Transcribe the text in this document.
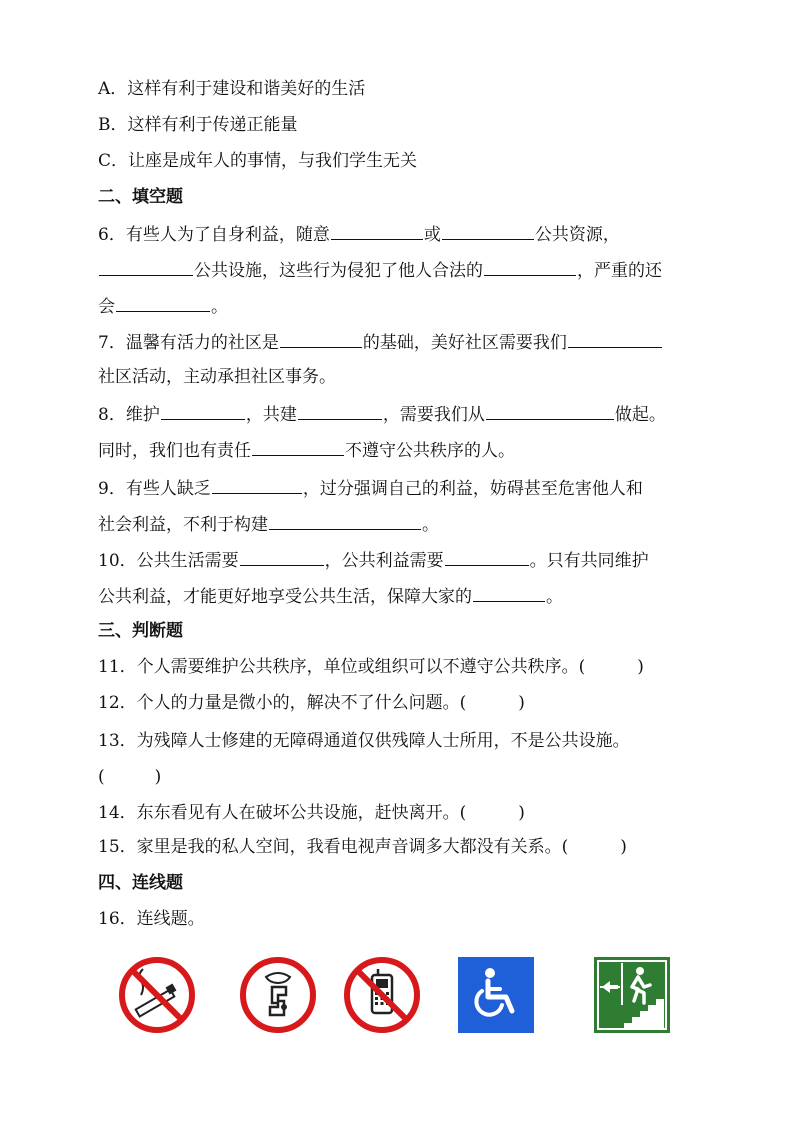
A．这样有利于建设和谐美好的生活
B．这样有利于传递正能量
C．让座是成年人的事情，与我们学生无关
二、填空题
6．有些人为了自身利益，随意	或	公共资源，
公共设施，这些行为侵犯了他人合法的	，严重的还
会	。
7．温馨有活力的社区是	的基础，美好社区需要我们
社区活动，主动承担社区事务。
8．维护	，共建	，需要我们从	做起。
同时，我们也有责任	不遵守公共秩序的人。
9．有些人缺乏	，过分强调自己的利益，妨碍甚至危害他人和
社会利益，不利于构建	。
10．公共生活需要	，公共利益需要	。只有共同维护
公共利益，才能更好地享受公共生活，保障大家的	。
三、判断题
11．个人需要维护公共秩序，单位或组织可以不遵守公共秩序。(	)
12．个人的力量是微小的，解决不了什么问题。(	)
13．为残障人士修建的无障碍通道仅供残障人士所用，不是公共设施。
(	)
14．东东看见有人在破坏公共设施，赶快离开。(	)
15．家里是我的私人空间，我看电视声音调多大都没有关系。(	)
四、连线题
16．连线题。
